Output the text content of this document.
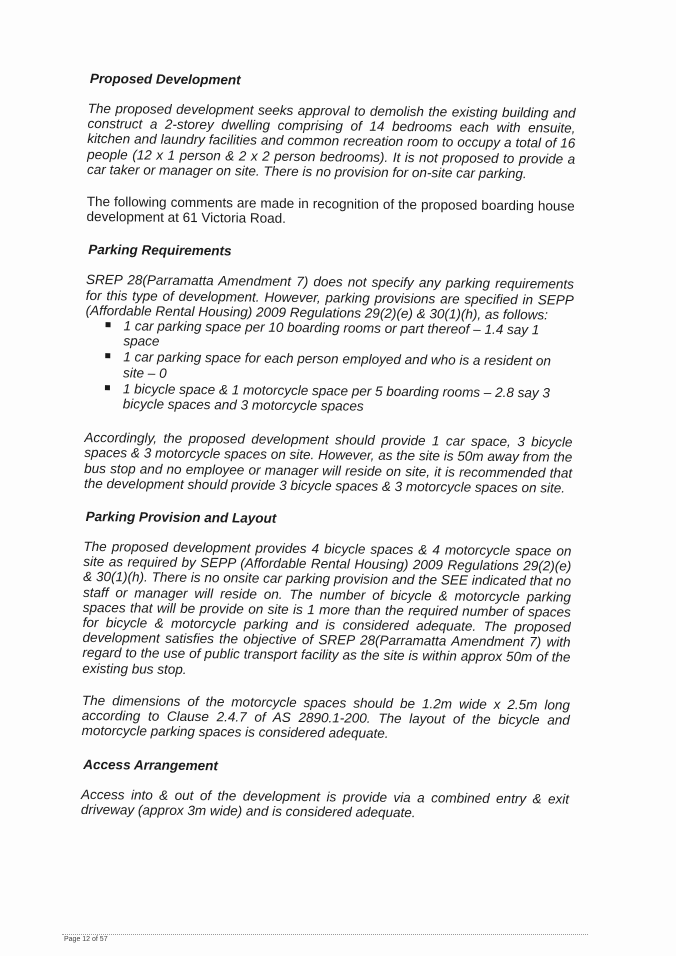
Proposed Development

The proposed development seeks approval to demolish the existing building and construct a 2-storey dwelling comprising of 14 bedrooms each with ensuite, kitchen and laundry facilities and common recreation room to occupy a total of 16 people (12 x 1 person & 2 x 2 person bedrooms). It is not proposed to provide a car taker or manager on site. There is no provision for on-site car parking.

The following comments are made in recognition of the proposed boarding house development at 61 Victoria Road.

Parking Requirements

SREP 28(Parramatta Amendment 7) does not specify any parking requirements for this type of development. However, parking provisions are specified in SEPP (Affordable Rental Housing) 2009 Regulations 29(2)(e) & 30(1)(h), as follows:

1 car parking space per 10 boarding rooms or part thereof – 1.4 say 1 space
1 car parking space for each person employed and who is a resident on site – 0
1 bicycle space & 1 motorcycle space per 5 boarding rooms – 2.8 say 3 bicycle spaces and 3 motorcycle spaces

Accordingly, the proposed development should provide 1 car space, 3 bicycle spaces & 3 motorcycle spaces on site. However, as the site is 50m away from the bus stop and no employee or manager will reside on site, it is recommended that the development should provide 3 bicycle spaces & 3 motorcycle spaces on site.

Parking Provision and Layout

The proposed development provides 4 bicycle spaces & 4 motorcycle space on site as required by SEPP (Affordable Rental Housing) 2009 Regulations 29(2)(e) & 30(1)(h). There is no onsite car parking provision and the SEE indicated that no staff or manager will reside on. The number of bicycle & motorcycle parking spaces that will be provide on site is 1 more than the required number of spaces for bicycle & motorcycle parking and is considered adequate. The proposed development satisfies the objective of SREP 28(Parramatta Amendment 7) with regard to the use of public transport facility as the site is within approx 50m of the existing bus stop.

The dimensions of the motorcycle spaces should be 1.2m wide x 2.5m long according to Clause 2.4.7 of AS 2890.1-200. The layout of the bicycle and motorcycle parking spaces is considered adequate.

Access Arrangement

Access into & out of the development is provide via a combined entry & exit driveway (approx 3m wide) and is considered adequate.

Page 12 of 57
